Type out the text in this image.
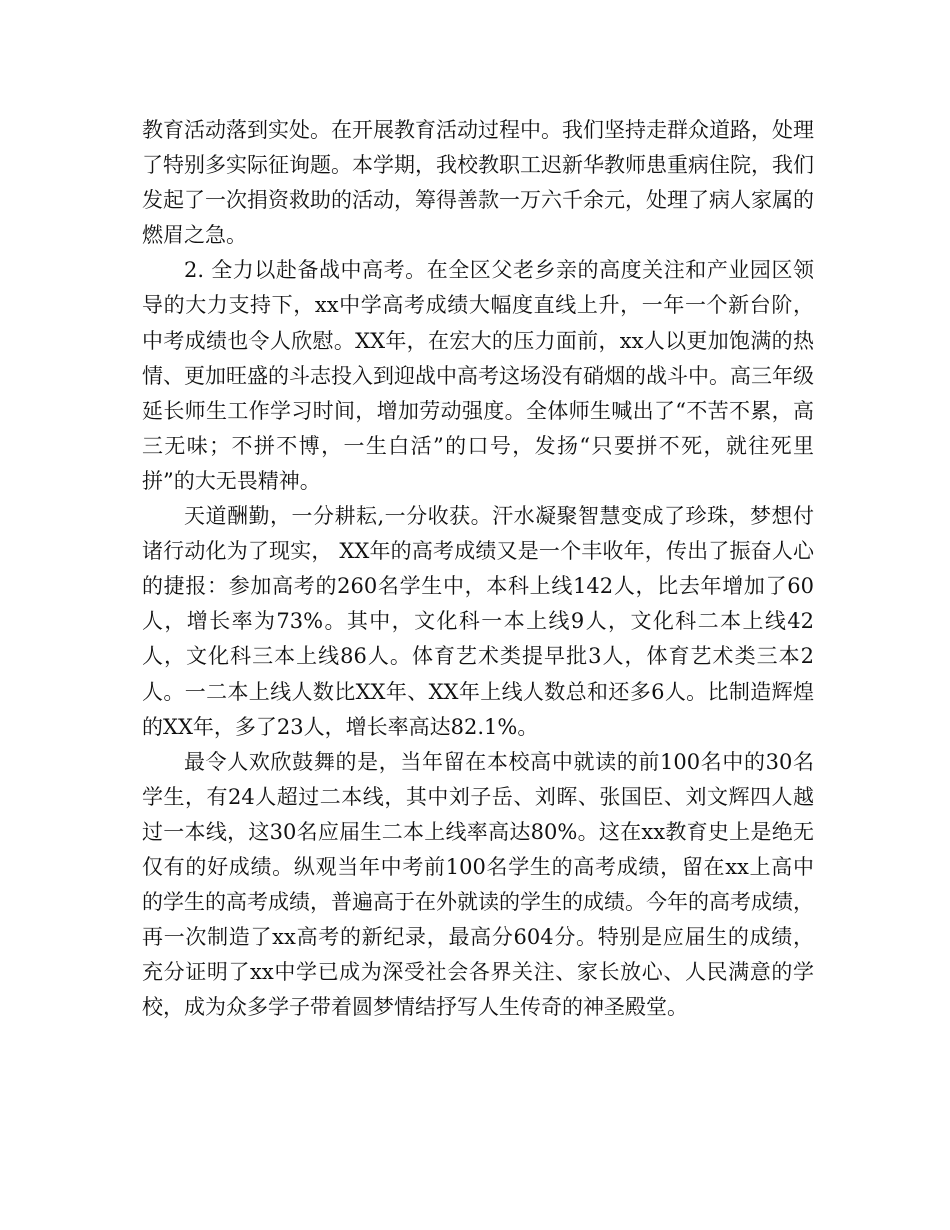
教育活动落到实处。在开展教育活动过程中。我们坚持走群众道路，处理了特别多实际征询题。本学期，我校教职工迟新华教师患重病住院，我们发起了一次捐资救助的活动，筹得善款一万六千余元，处理了病人家属的燃眉之急。

2. 全力以赴备战中高考。在全区父老乡亲的高度关注和产业园区领导的大力支持下，xx中学高考成绩大幅度直线上升，一年一个新台阶，中考成绩也令人欣慰。XX年，在宏大的压力面前，xx人以更加饱满的热情、更加旺盛的斗志投入到迎战中高考这场没有硝烟的战斗中。高三年级延长师生工作学习时间，增加劳动强度。全体师生喊出了“不苦不累，高三无味；不拼不博，一生白活”的口号，发扬“只要拼不死，就往死里拼”的大无畏精神。

天道酬勤，一分耕耘,一分收获。汗水凝聚智慧变成了珍珠，梦想付诸行动化为了现实， XX年的高考成绩又是一个丰收年，传出了振奋人心的捷报：参加高考的260名学生中，本科上线142人，比去年增加了60人，增长率为73%。其中，文化科一本上线9人，文化科二本上线42人，文化科三本上线86人。体育艺术类提早批3人，体育艺术类三本2人。一二本上线人数比XX年、XX年上线人数总和还多6人。比制造辉煌的XX年，多了23人，增长率高达82.1%。

最令人欢欣鼓舞的是，当年留在本校高中就读的前100名中的30名学生，有24人超过二本线，其中刘子岳、刘晖、张国臣、刘文辉四人越过一本线，这30名应届生二本上线率高达80%。这在xx教育史上是绝无仅有的好成绩。纵观当年中考前100名学生的高考成绩，留在xx上高中的学生的高考成绩，普遍高于在外就读的学生的成绩。今年的高考成绩，再一次制造了xx高考的新纪录，最高分604分。特别是应届生的成绩，充分证明了xx中学已成为深受社会各界关注、家长放心、人民满意的学校，成为众多学子带着圆梦情结抒写人生传奇的神圣殿堂。
